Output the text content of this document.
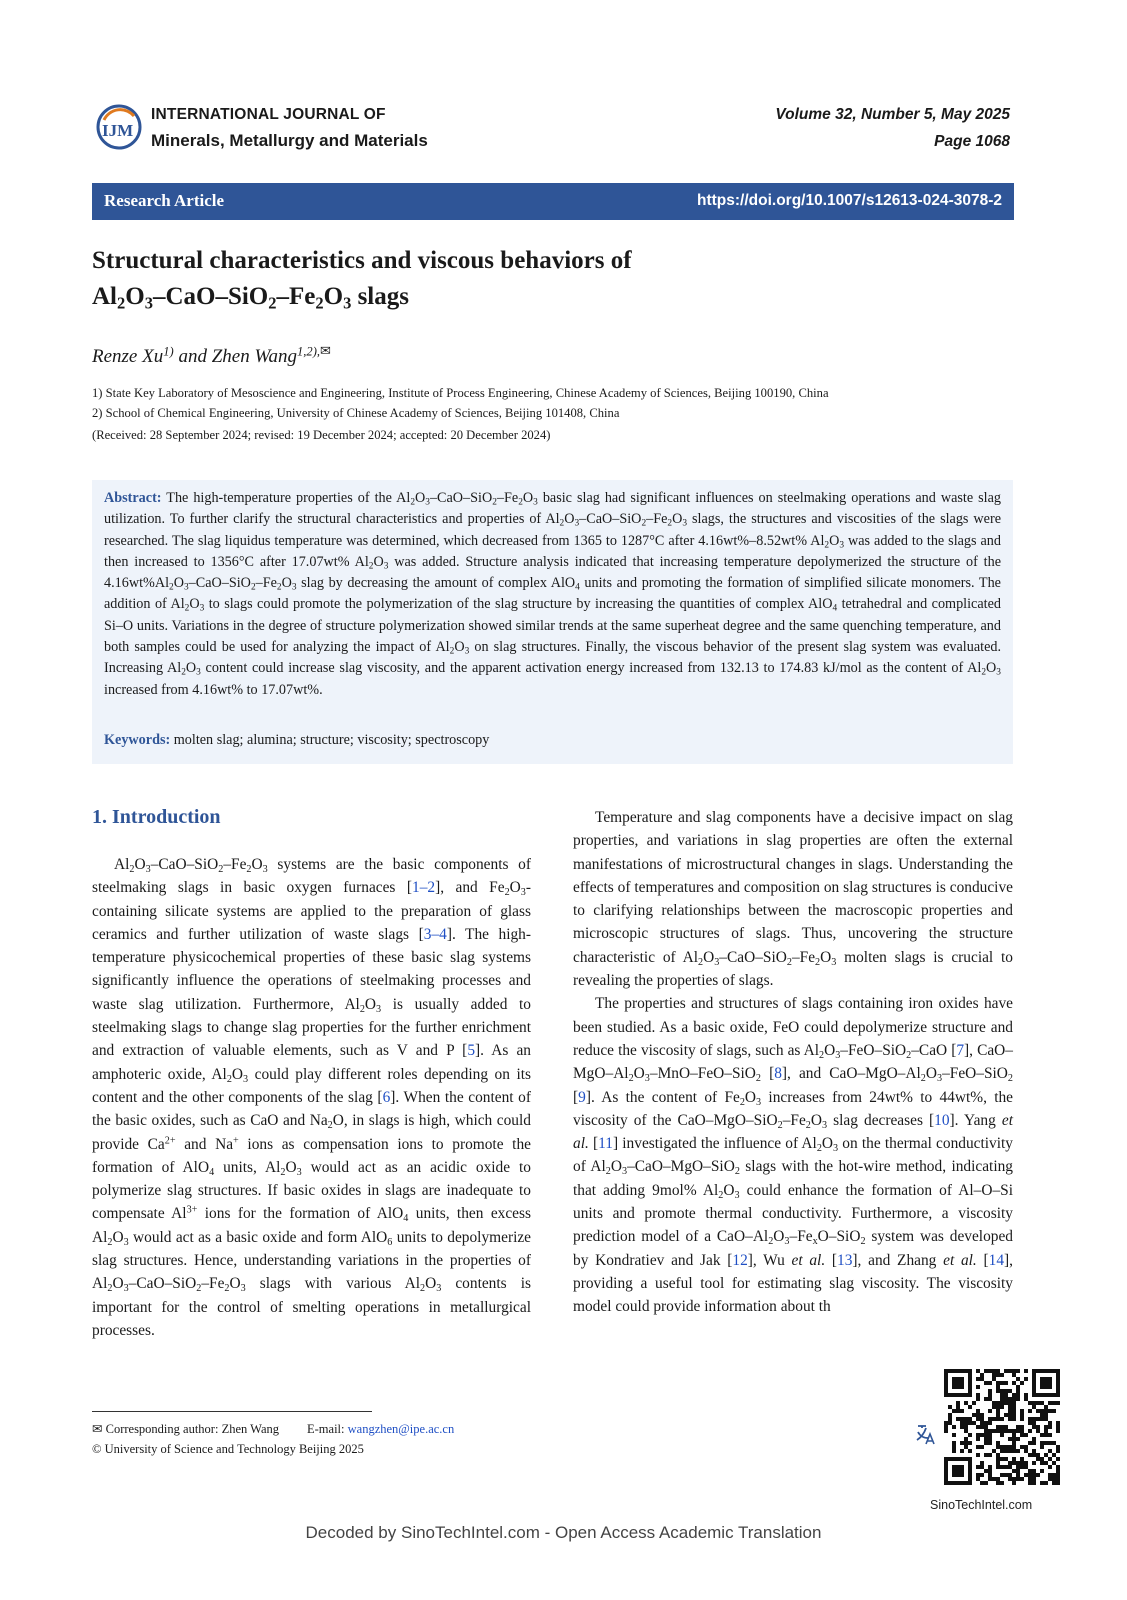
IJM
INTERNATIONAL JOURNAL OF
Minerals, Metallurgy and Materials
Volume 32, Number 5, May 2025
Page 1068
Research Article	https://doi.org/10.1007/s12613-024-3078-2
Structural characteristics and viscous behaviors of
$Al_2O_3-CaO-SiO_2-Fe_2O_3$ slags
Renze Xu$^{1)}$ and Zhen Wang$^{1,2),✉}$
1) State Key Laboratory of Mesoscience and Engineering, Institute of Process Engineering, Chinese Academy of Sciences, Beijing 100190, China
2) School of Chemical Engineering, University of Chinese Academy of Sciences, Beijing 101408, China
(Received: 28 September 2024; revised: 19 December 2024; accepted: 20 December 2024)
Abstract: The high-temperature properties of the $Al_2O_3-CaO-SiO_2-Fe_2O_3$ basic slag had significant influences on steelmaking operations and waste slag utilization. To further clarify the structural characteristics and properties of $Al_2O_3-CaO-SiO_2-Fe_2O_3$ slags, the structures and viscosities of the slags were researched. The slag liquidus temperature was determined, which decreased from 1365 to 1287°C after 4.16wt%–8.52wt% $Al_2O_3$ was added to the slags and then increased to 1356°C after 17.07wt% $Al_2O_3$ was added. Structure analysis indicated that increasing temperature depolymerized the structure of the $4.16wt\%Al_2O_3-CaO-SiO_2-Fe_2O_3$ slag by decreasing the amount of complex AlO$_4$ units and promoting the formation of simplified silicate monomers. The addition of $Al_2O_3$ to slags could promote the polymerization of the slag structure by increasing the quantities of complex AlO$_4$ tetrahedral and complicated Si–O units. Variations in the degree of structure polymerization showed similar trends at the same superheat degree and the same quenching temperature, and both samples could be used for analyzing the impact of $Al_2O_3$ on slag structures. Finally, the viscous behavior of the present slag system was evaluated. Increasing $Al_2O_3$ content could increase slag viscosity, and the apparent activation energy increased from 132.13 to 174.83 kJ/mol as the content of $Al_2O_3$ increased from 4.16wt% to 17.07wt%.
Keywords: molten slag; alumina; structure; viscosity; spectroscopy
1. Introduction

$Al_2O_3-CaO-SiO_2-Fe_2O_3$ systems are the basic components of steelmaking slags in basic oxygen furnaces [1–2], and $Fe_2O_3$-containing silicate systems are applied to the preparation of glass ceramics and further utilization of waste slags [3–4]. The high-temperature physicochemical properties of these basic slag systems significantly influence the operations of steelmaking processes and waste slag utilization. Furthermore, $Al_2O_3$ is usually added to steelmaking slags to change slag properties for the further enrichment and extraction of valuable elements, such as V and P [5]. As an amphoteric oxide, $Al_2O_3$ could play different roles depending on its content and the other components of the slag [6]. When the content of the basic oxides, such as CaO and $Na_2O$, in slags is high, which could provide $Ca^{2+}$ and Na+ ions as compensation ions to promote the formation of AlO$_4$ units, $Al_2O_3$ would act as an acidic oxide to polymerize slag structures. If basic oxides in slags are inadequate to compensate $Al^{3+}$ ions for the formation of AlO$_4$ units, then excess $Al_2O_3$ would act as a basic oxide and form AlO$_6$ units to depolymerize slag structures. Hence, understanding variations in the properties of $Al_2O_3-CaO-SiO_2-Fe_2O_3$ slags with various $Al_2O_3$ contents is important for the control of smelting operations in metallurgical processes.

Temperature and slag components have a decisive impact on slag properties, and variations in slag properties are often the external manifestations of microstructural changes in slags. Understanding the effects of temperatures and composition on slag structures is conducive to clarifying relationships between the macroscopic properties and microscopic structures of slags. Thus, uncovering the structure characteristic of $Al_2O_3-CaO-SiO_2-Fe_2O_3$ molten slags is crucial to revealing the properties of slags.

The properties and structures of slags containing iron oxides have been studied. As a basic oxide, FeO could depolymerize structure and reduce the viscosity of slags, such as $Al_2O_3-FeO-SiO_2$–CaO [7], CaO–$MgO-Al_2O_3-MnO-FeO-SiO_2$ [8], and CaO–$MgO-Al_2O_3-FeO-SiO_2$ [9]. As the content of $Fe_2O_3$ increases from 24wt% to 44wt%, the viscosity of the CaO–$MgO-SiO_2-Fe_2O_3$ slag decreases [10]. Yang et al. [11] investigated the influence of $Al_2O_3$ on the thermal conductivity of $Al_2O_3-CaO-MgO-SiO_2$ slags with the hot-wire method, indicating that adding 9mol% $Al_2O_3$ could enhance the formation of Al–O–Si units and promote thermal conductivity. Furthermore, a viscosity prediction model of a CaO–$Al_2O_3-Fe_xO-SiO_2$ system was developed by Kondratiev and Jak [12], Wu et al. [13], and Zhang et al. [14], providing a useful tool for estimating slag viscosity. The viscosity model could provide information about th

✉ Corresponding author: Zhen Wang E-mail: wangzhen@ipe.ac.cn
© University of Science and Technology Beijing 2025
SinoTechIntel.com
Decoded by SinoTechIntel.com - Open Access Academic Translation
